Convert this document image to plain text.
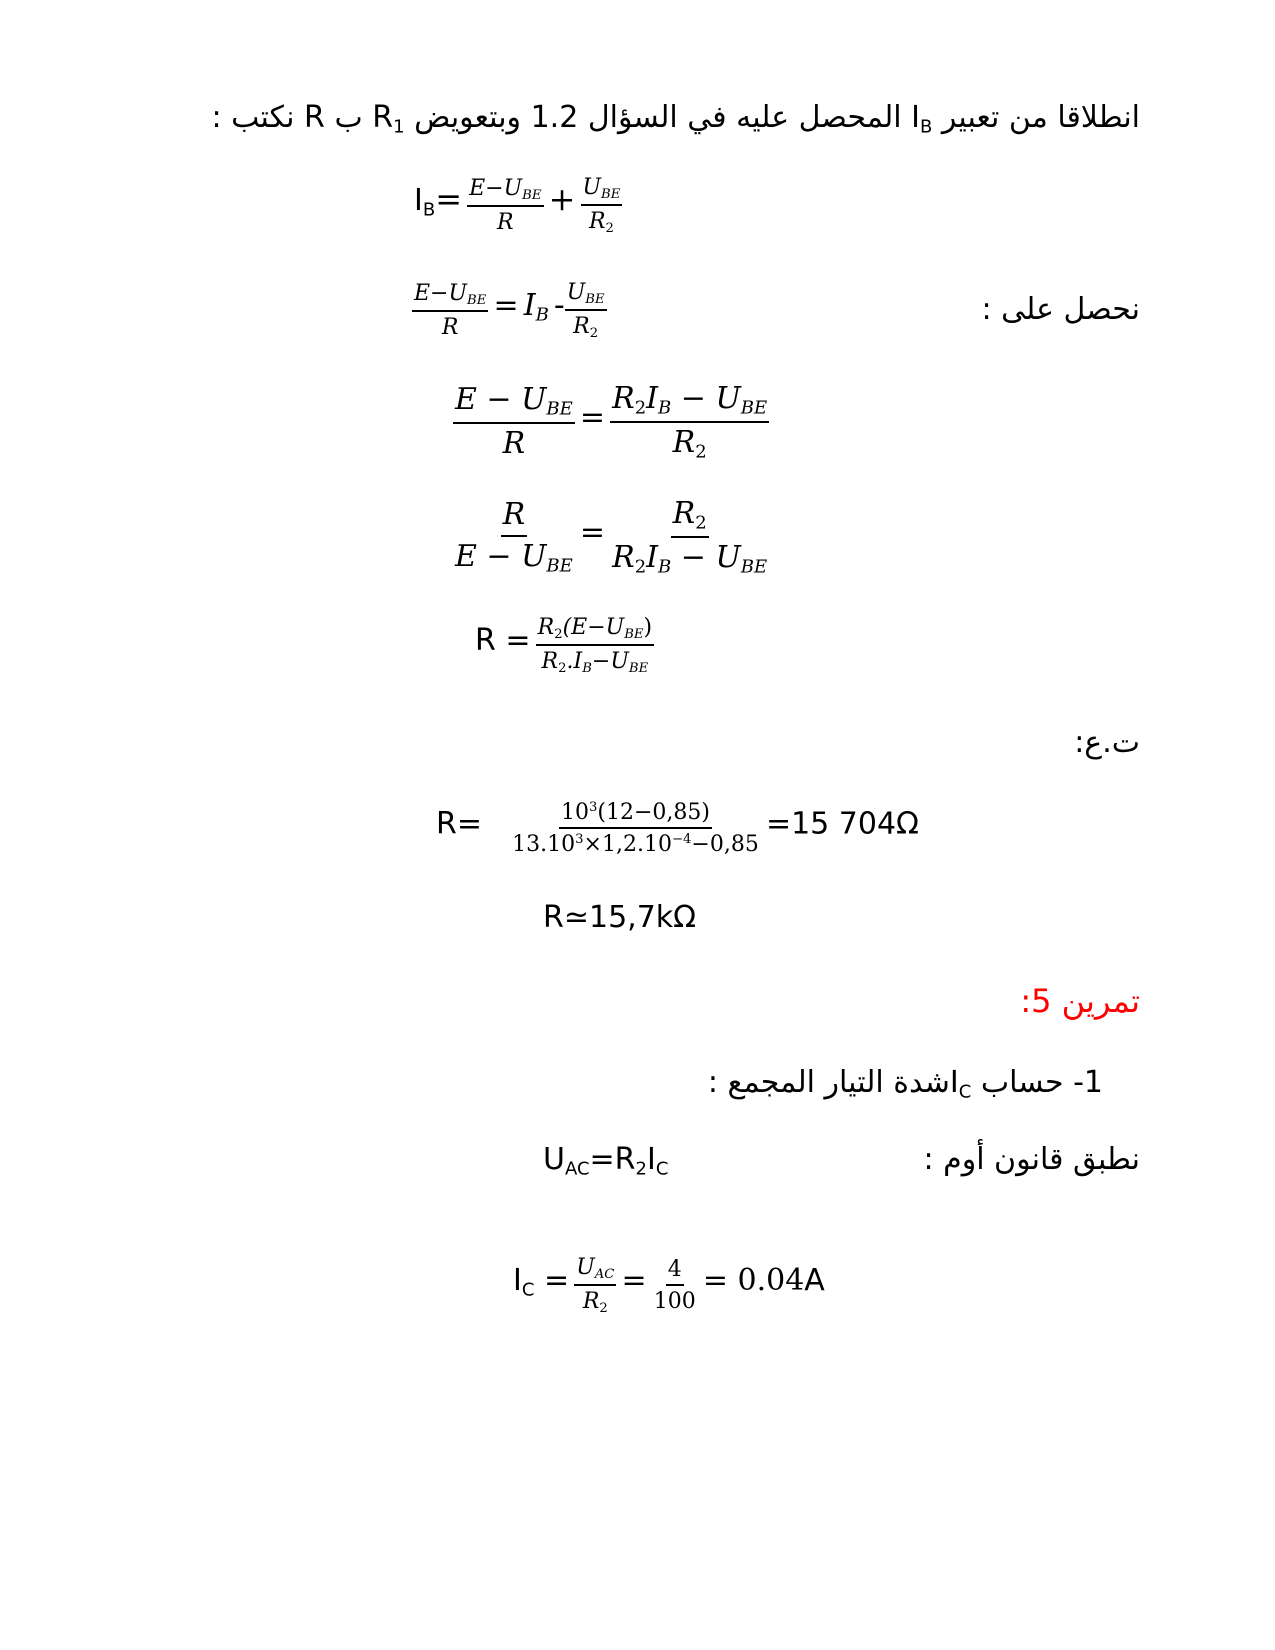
انطلاقا من تعبير $I_B$ المحصل عليه في السؤال 1.2 وبتعويض $R_1$ ب R نكتب :
$I_B= \frac{E-U_{BE}}{R} + \frac{U_{BE}}{R_2}$
نحصل على :
$\frac{E-U_{BE}}{R} = I_B - \frac{U_{BE}}{R_2}$
$\frac{E - U_{BE}}{R} = \frac{R_2I_B - U_{BE}}{R_2}$
$\frac{R}{E - U_{BE}} = \frac{R_2}{R_2I_B - U_{BE}}$
$R = \frac{R_2(E-U_{BE})}{R_2.I_B-U_{BE}}$
ت.ع:
$R= \frac{10^3(12-0,85)}{13.10^3\times 1,2.10^{-4}-0,85} =15$ 704Ω
R≃15,7kΩ
تمرين 5:
1- حساب $I_Cشدة$ التيار المجمع :
نطبق قانون أوم :
$U_{AC}=R_2I_C$
$I_C = \frac{U_{AC}}{R_2} = \frac{4}{100} = 0.04A$
